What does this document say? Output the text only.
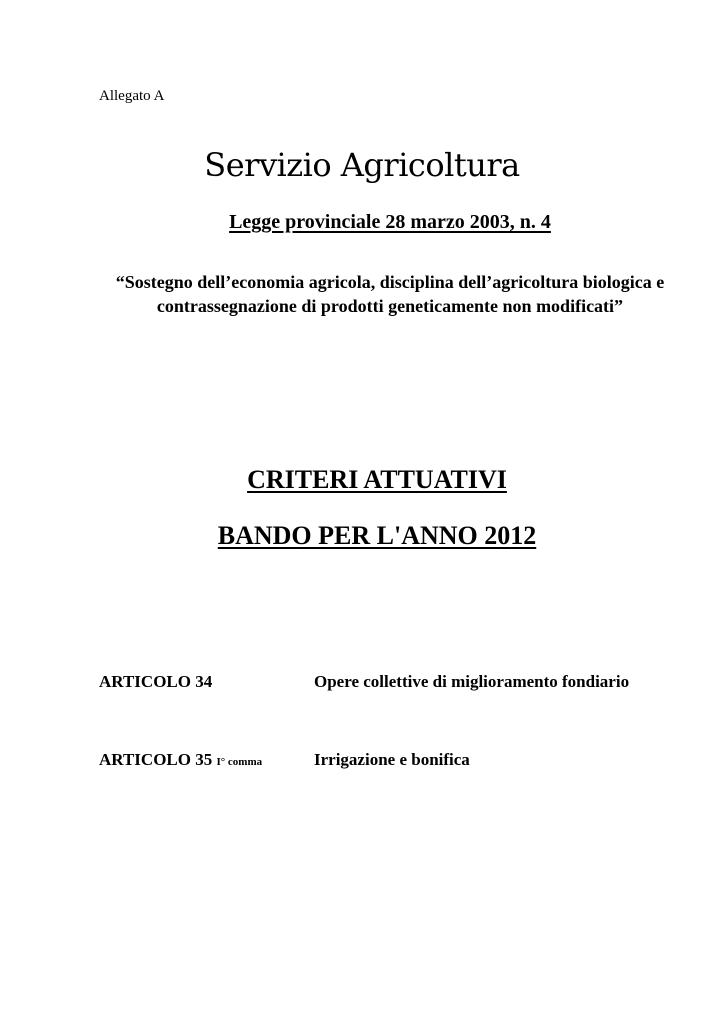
Allegato A

Servizio Agricoltura
Legge provinciale 28 marzo 2003, n. 4

“Sostegno dell’economia agricola, disciplina dell’agricoltura biologica e contrassegnazione di prodotti geneticamente non modificati”

CRITERI ATTUATIVI
BANDO PER L'ANNO 2012
ARTICOLO 34	Opere collettive di miglioramento fondiario
ARTICOLO 35 I° comma	Irrigazione e bonifica
